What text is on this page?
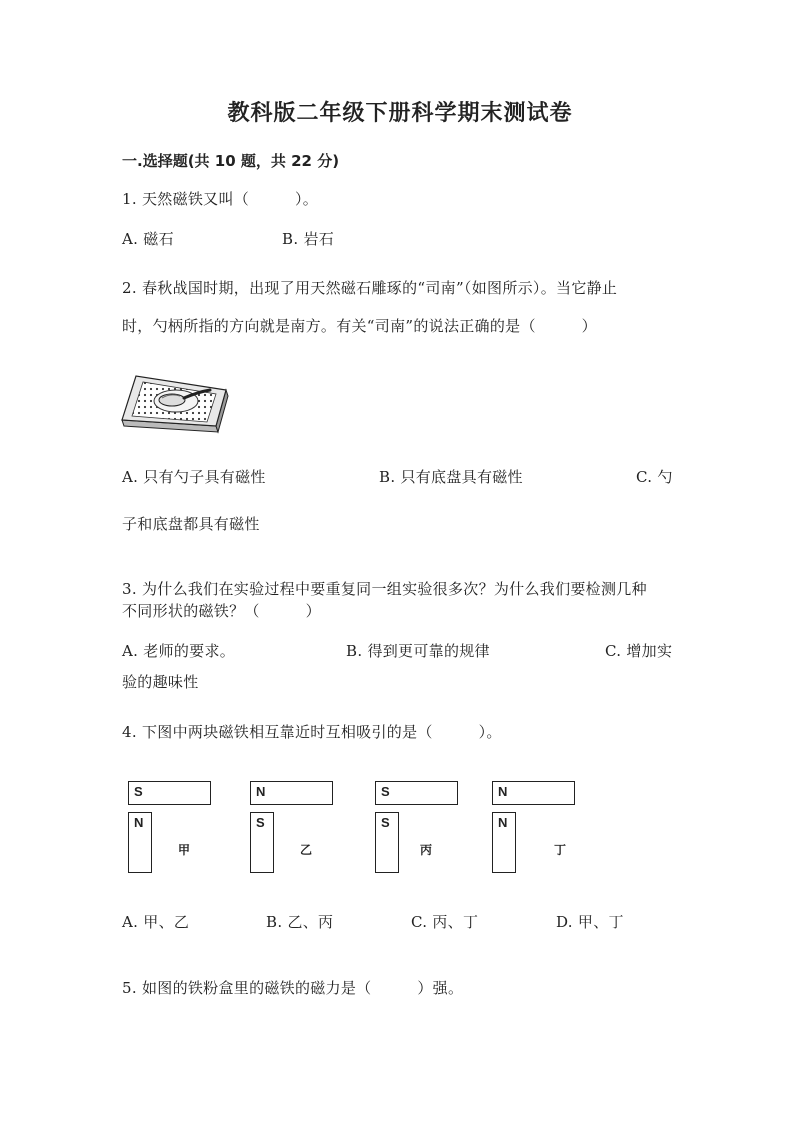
教科版二年级下册科学期末测试卷
一.选择题(共 10 题，共 22 分)
1. 天然磁铁又叫（　　　）。
A. 磁石	B. 岩石
2. 春秋战国时期，出现了用天然磁石雕琢的“司南”（如图所示）。当它静止
时，勺柄所指的方向就是南方。有关“司南”的说法正确的是（　　　）
A. 只有勺子具有磁性	B. 只有底盘具有磁性	C. 勺
子和底盘都具有磁性
3. 为什么我们在实验过程中要重复同一组实验很多次？为什么我们要检测几种
不同形状的磁铁？（　　　）
A. 老师的要求。	B. 得到更可靠的规律	C. 增加实
验的趣味性
4. 下图中两块磁铁相互靠近时互相吸引的是（　　　）。
S
N
甲
N
S
乙
S
S
丙
N
N
丁
A. 甲、乙	B. 乙、丙	C. 丙、丁	D. 甲、丁
5. 如图的铁粉盒里的磁铁的磁力是（　　　）强。
